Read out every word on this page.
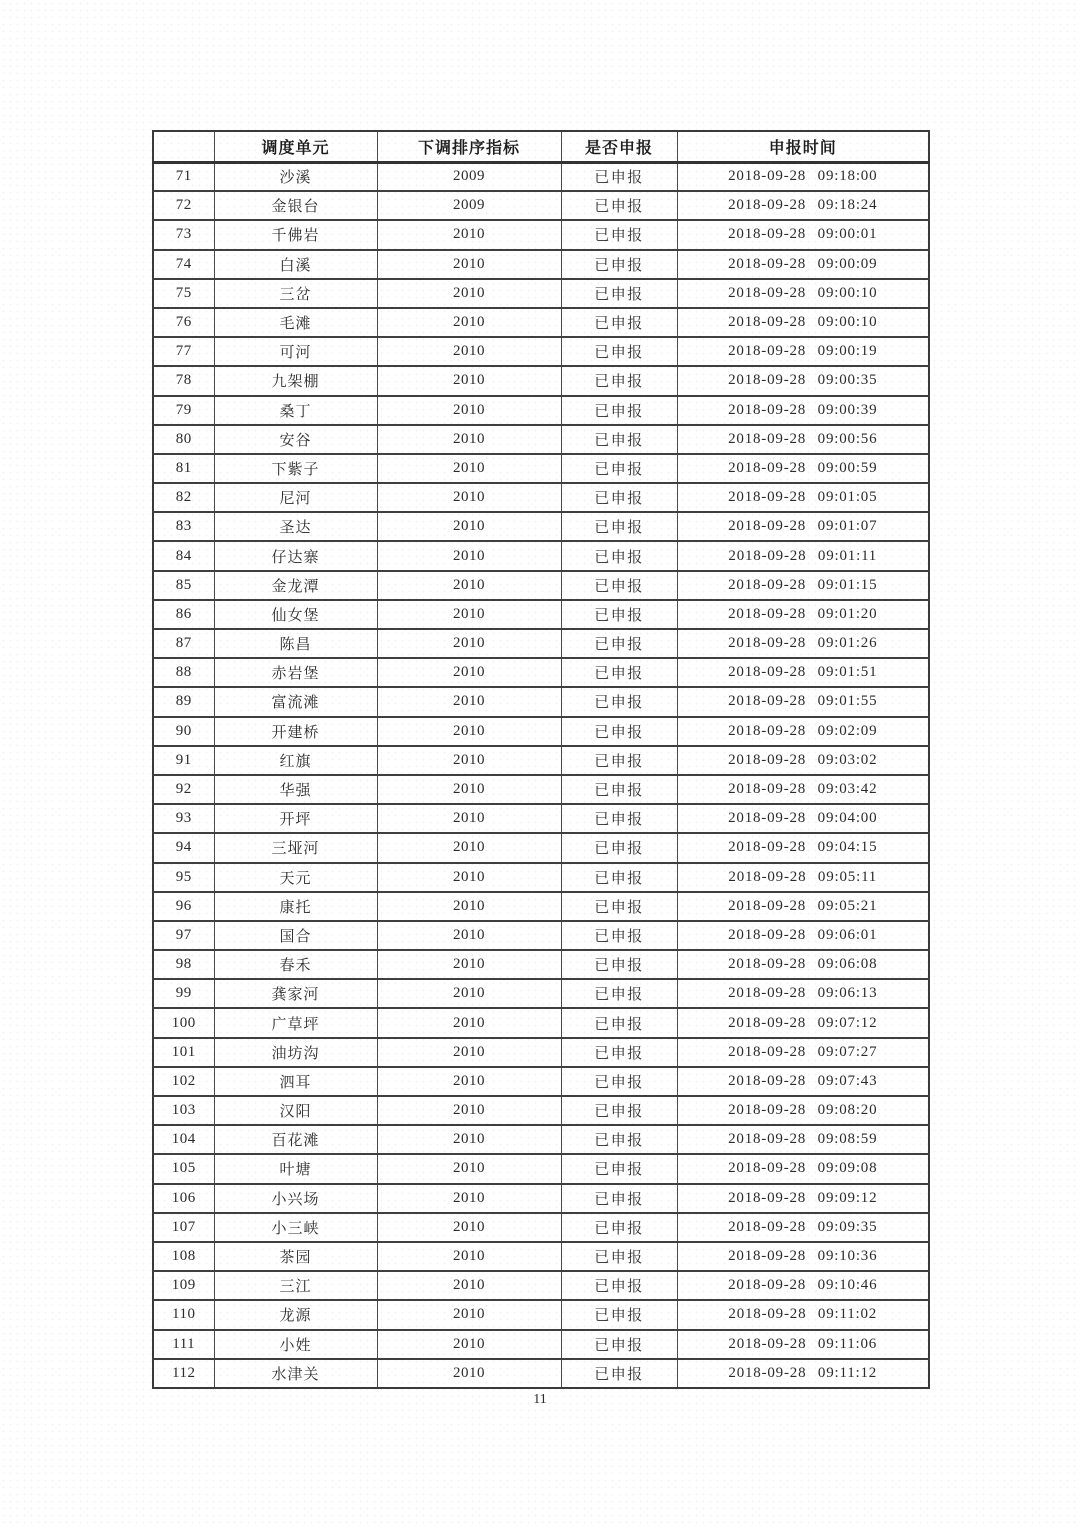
	调度单元	下调排序指标	是否申报	申报时间
71	沙溪	2009	已申报	2018-09-28 09:18:00
72	金银台	2009	已申报	2018-09-28 09:18:24
73	千佛岩	2010	已申报	2018-09-28 09:00:01
74	白溪	2010	已申报	2018-09-28 09:00:09
75	三岔	2010	已申报	2018-09-28 09:00:10
76	毛滩	2010	已申报	2018-09-28 09:00:10
77	可河	2010	已申报	2018-09-28 09:00:19
78	九架棚	2010	已申报	2018-09-28 09:00:35
79	桑丁	2010	已申报	2018-09-28 09:00:39
80	安谷	2010	已申报	2018-09-28 09:00:56
81	下紫子	2010	已申报	2018-09-28 09:00:59
82	尼河	2010	已申报	2018-09-28 09:01:05
83	圣达	2010	已申报	2018-09-28 09:01:07
84	仔达寨	2010	已申报	2018-09-28 09:01:11
85	金龙潭	2010	已申报	2018-09-28 09:01:15
86	仙女堡	2010	已申报	2018-09-28 09:01:20
87	陈昌	2010	已申报	2018-09-28 09:01:26
88	赤岩堡	2010	已申报	2018-09-28 09:01:51
89	富流滩	2010	已申报	2018-09-28 09:01:55
90	开建桥	2010	已申报	2018-09-28 09:02:09
91	红旗	2010	已申报	2018-09-28 09:03:02
92	华强	2010	已申报	2018-09-28 09:03:42
93	开坪	2010	已申报	2018-09-28 09:04:00
94	三垭河	2010	已申报	2018-09-28 09:04:15
95	天元	2010	已申报	2018-09-28 09:05:11
96	康托	2010	已申报	2018-09-28 09:05:21
97	国合	2010	已申报	2018-09-28 09:06:01
98	春禾	2010	已申报	2018-09-28 09:06:08
99	龚家河	2010	已申报	2018-09-28 09:06:13
100	广草坪	2010	已申报	2018-09-28 09:07:12
101	油坊沟	2010	已申报	2018-09-28 09:07:27
102	泗耳	2010	已申报	2018-09-28 09:07:43
103	汉阳	2010	已申报	2018-09-28 09:08:20
104	百花滩	2010	已申报	2018-09-28 09:08:59
105	叶塘	2010	已申报	2018-09-28 09:09:08
106	小兴场	2010	已申报	2018-09-28 09:09:12
107	小三峡	2010	已申报	2018-09-28 09:09:35
108	茶园	2010	已申报	2018-09-28 09:10:36
109	三江	2010	已申报	2018-09-28 09:10:46
110	龙源	2010	已申报	2018-09-28 09:11:02
111	小姓	2010	已申报	2018-09-28 09:11:06
112	水津关	2010	已申报	2018-09-28 09:11:12
11
